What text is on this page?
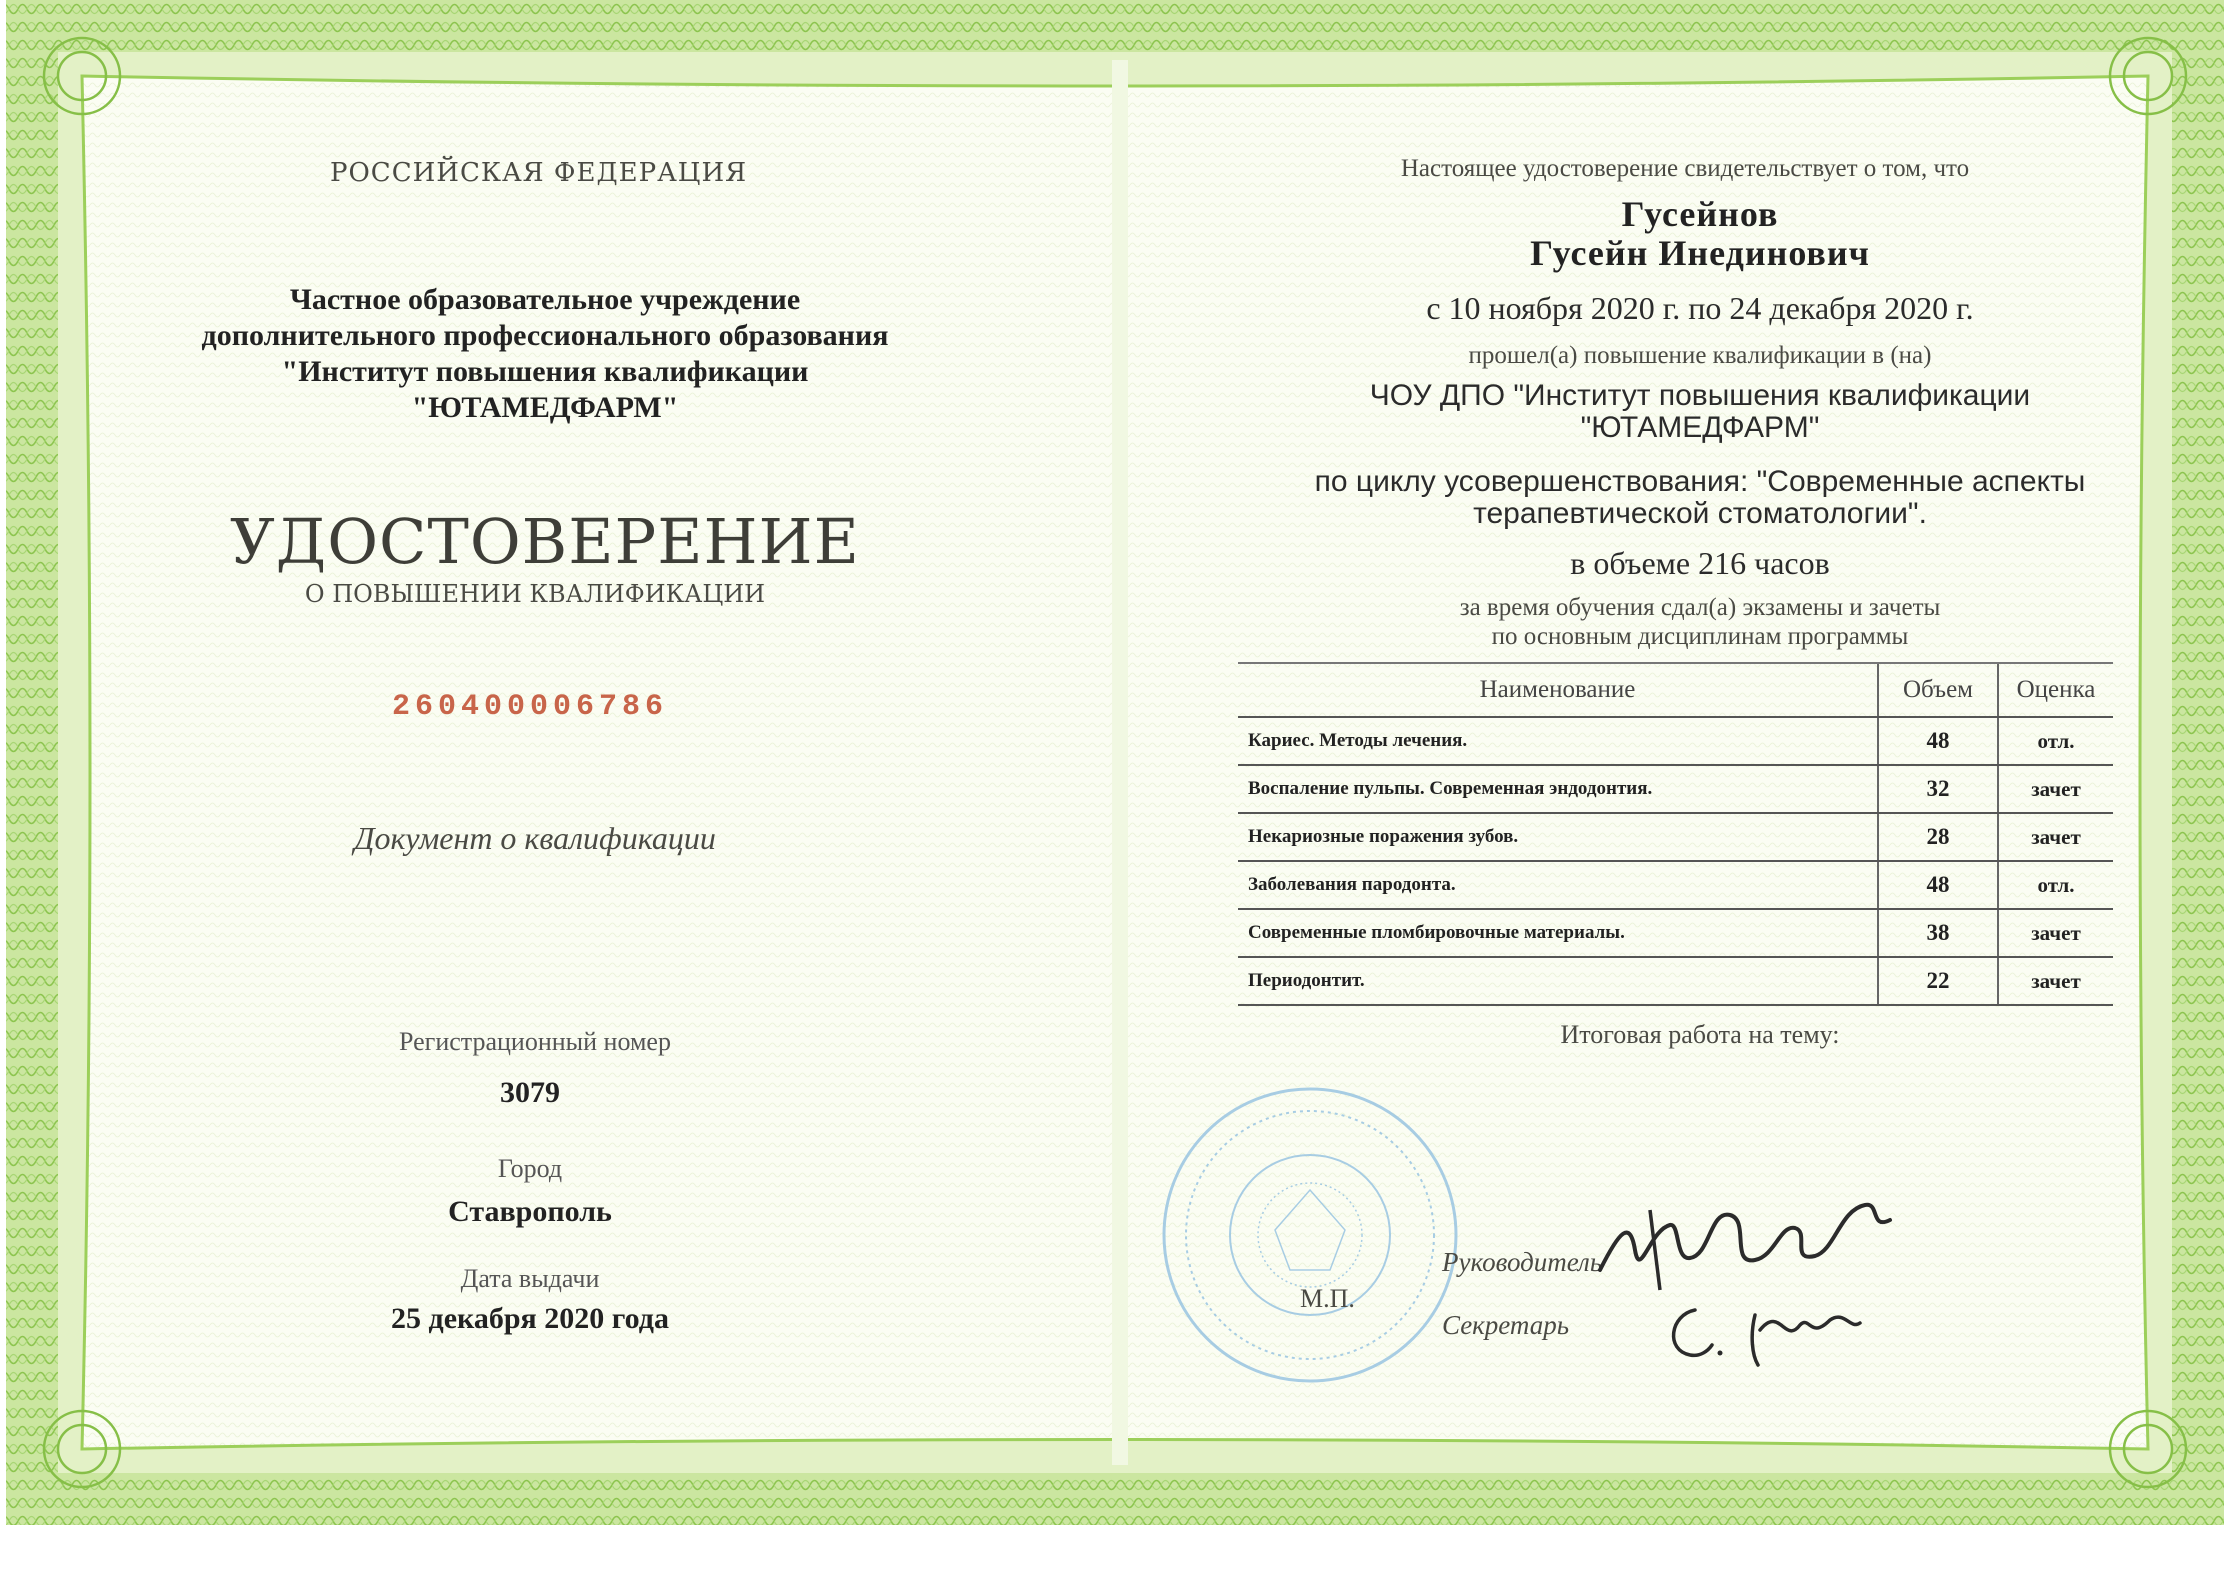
РОССИЙСКАЯ ФЕДЕРАЦИЯ
Частное образовательное учреждение
дополнительного профессионального образования
"Институт повышения квалификации
"ЮТАМЕДФАРМ"
УДОСТОВЕРЕНИЕ
О ПОВЫШЕНИИ КВАЛИФИКАЦИИ
260400006786
Документ о квалификации
Регистрационный номер
3079
Город
Ставрополь
Дата выдачи
25 декабря 2020 года
Настоящее удостоверение свидетельствует о том, что
Гусейнов
Гусейн Инединович
с 10 ноября 2020 г. по 24 декабря 2020 г.
прошел(а) повышение квалификации в (на)
ЧОУ ДПО "Институт повышения квалификации
"ЮТАМЕДФАРМ"
по циклу усовершенствования: "Современные аспекты
терапевтической стоматологии".
в объеме 216 часов
за время обучения сдал(а) экзамены и зачеты
по основным дисциплинам программы
Наименование	Объем	Оценка
Кариес. Методы лечения.	48	отл.
Воспаление пульпы. Современная эндодонтия.	32	зачет
Некариозные поражения зубов.	28	зачет
Заболевания пародонта.	48	отл.
Современные пломбировочные материалы.	38	зачет
Периодонтит.	22	зачет
Итоговая работа на тему:
М.П.
Руководитель
Секретарь
